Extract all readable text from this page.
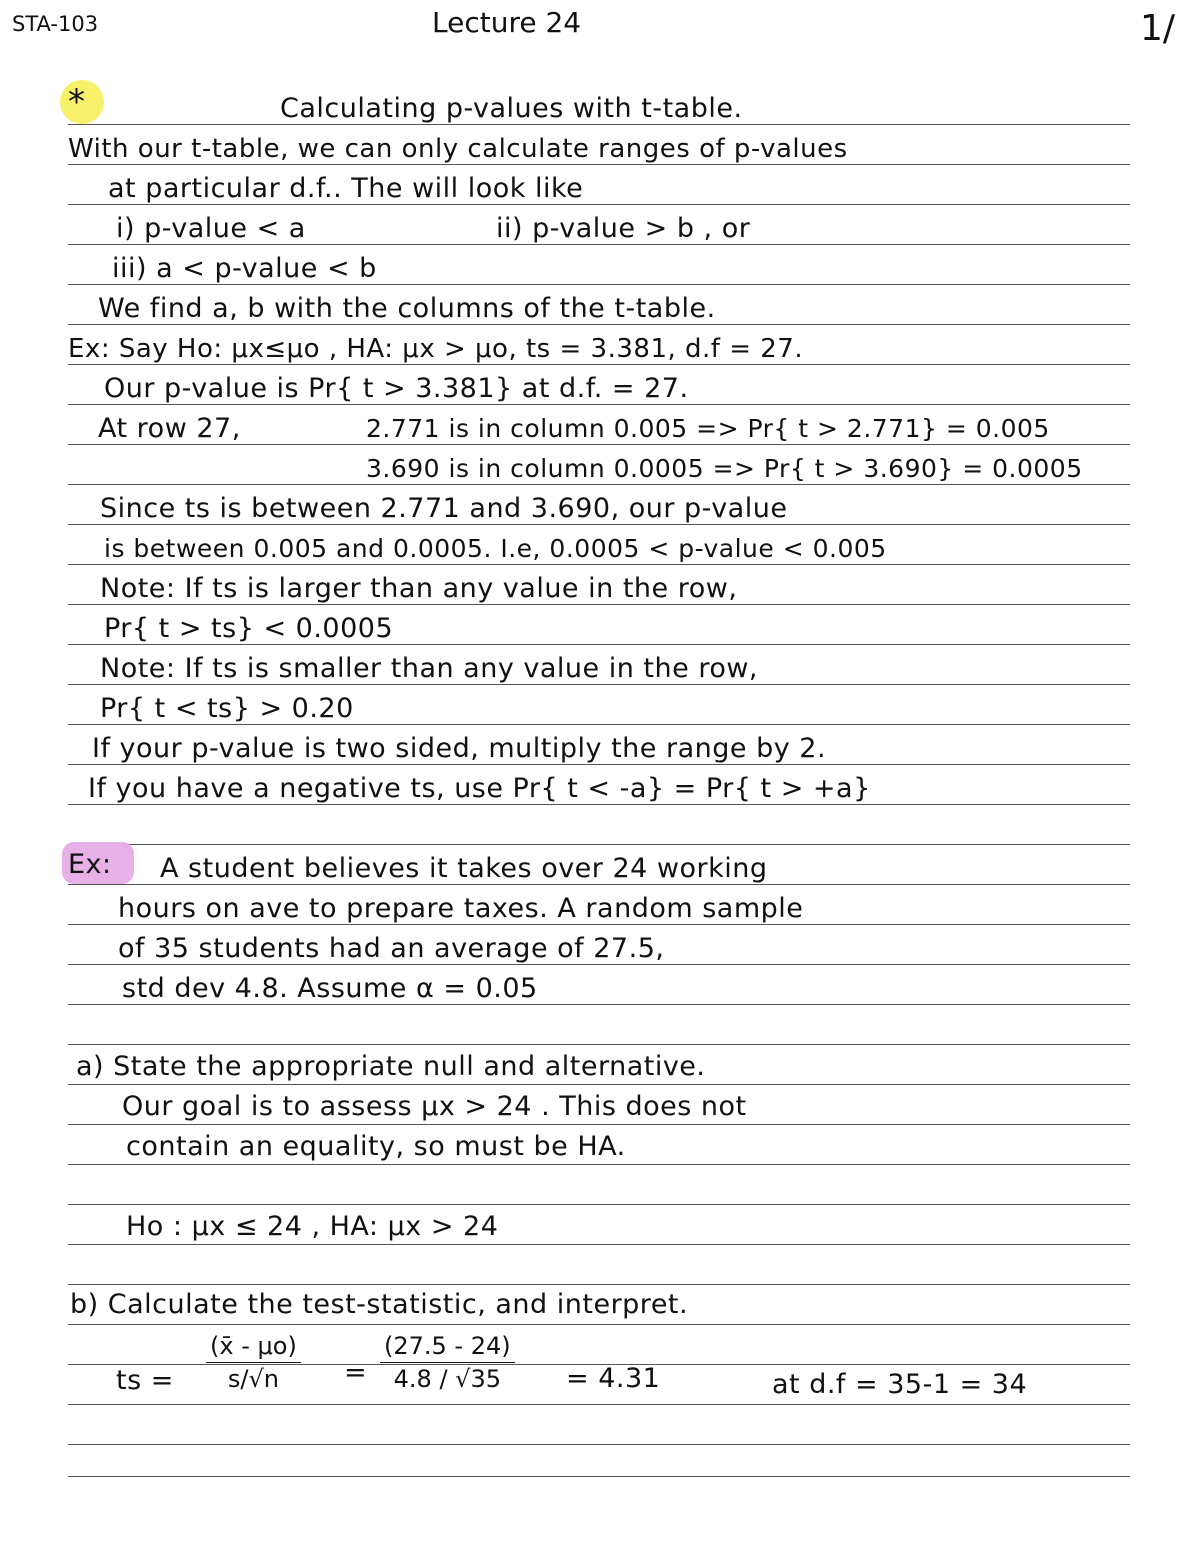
STA-103	Lecture 24	1/
*	Calculating p-values with t-table.
With our t-table, we can only calculate ranges of p-values
at particular d.f.. The will look like
i) p-value < a	ii) p-value > b , or
iii) a < p-value < b
We find a, b with the columns of the t-table.
Ex: Say Ho: μx≤μo , HA: μx > μo, ts = 3.381, d.f = 27.
Our p-value is Pr{ t > 3.381} at d.f. = 27.
At row 27,	2.771 is in column 0.005 => Pr{ t > 2.771} = 0.005
3.690 is in column 0.0005 => Pr{ t > 3.690} = 0.0005
Since ts is between 2.771 and 3.690, our p-value
is between 0.005 and 0.0005. I.e, 0.0005 < p-value < 0.005
Note: If ts is larger than any value in the row,
Pr{ t > ts} < 0.0005
Note: If ts is smaller than any value in the row,
Pr{ t < ts} > 0.20
If your p-value is two sided, multiply the range by 2.
If you have a negative ts, use Pr{ t < -a} = Pr{ t > +a}
Ex: A student believes it takes over 24 working
hours on ave to prepare taxes. A random sample
of 35 students had an average of 27.5,
std dev 4.8. Assume α = 0.05
a) State the appropriate null and alternative.
Our goal is to assess μx > 24 . This does not
contain an equality, so must be HA.
Ho : μx ≤ 24 , HA: μx > 24
b) Calculate the test-statistic, and interpret.
ts = $\frac{(x̄ - \mu o)}{s/√n} = \frac{(27.5 - 24)}{4.8 / √35} = 4.31$	at d.f = 35-1 = 34
